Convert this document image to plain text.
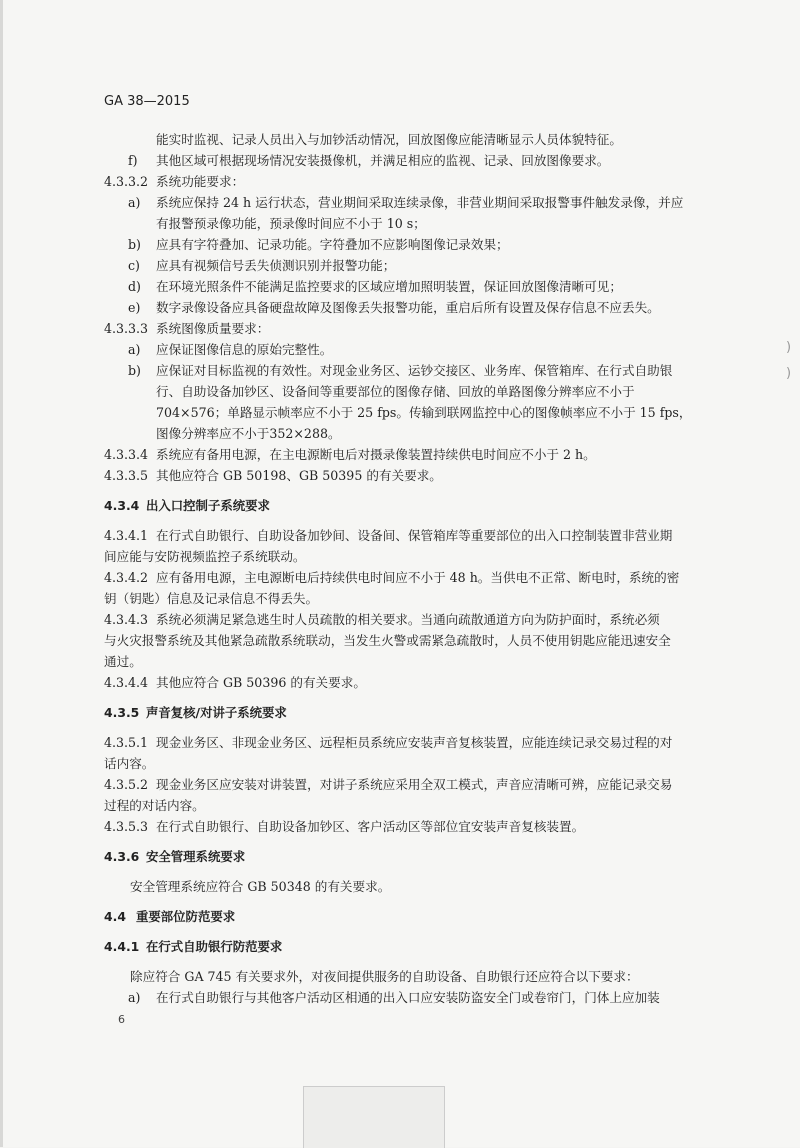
GA 38—2015
能实时监视、记录人员出入与加钞活动情况，回放图像应能清晰显示人员体貌特征。
f) 其他区域可根据现场情况安装摄像机，并满足相应的监视、记录、回放图像要求。
4.3.3.2 系统功能要求：
a) 系统应保持 24 h 运行状态，营业期间采取连续录像，非营业期间采取报警事件触发录像，并应
有报警预录像功能，预录像时间应不小于 10 s；
b) 应具有字符叠加、记录功能。字符叠加不应影响图像记录效果；
c) 应具有视频信号丢失侦测识别并报警功能；
d) 在环境光照条件不能满足监控要求的区域应增加照明装置，保证回放图像清晰可见；
e) 数字录像设备应具备硬盘故障及图像丢失报警功能，重启后所有设置及保存信息不应丢失。
4.3.3.3 系统图像质量要求：
a) 应保证图像信息的原始完整性。
b) 应保证对目标监视的有效性。对现金业务区、运钞交接区、业务库、保管箱库、在行式自助银
行、自助设备加钞区、设备间等重要部位的图像存储、回放的单路图像分辨率应不小于
704×576；单路显示帧率应不小于 25 fps。传输到联网监控中心的图像帧率应不小于 15 fps，
图像分辨率应不小于352×288。
4.3.3.4 系统应有备用电源，在主电源断电后对摄录像装置持续供电时间应不小于 2 h。
4.3.3.5 其他应符合 GB 50198、GB 50395 的有关要求。
4.3.4 出入口控制子系统要求
4.3.4.1 在行式自助银行、自助设备加钞间、设备间、保管箱库等重要部位的出入口控制装置非营业期
间应能与安防视频监控子系统联动。
4.3.4.2 应有备用电源，主电源断电后持续供电时间应不小于 48 h。当供电不正常、断电时，系统的密
钥（钥匙）信息及记录信息不得丢失。
4.3.4.3 系统必须满足紧急逃生时人员疏散的相关要求。当通向疏散通道方向为防护面时，系统必须
与火灾报警系统及其他紧急疏散系统联动，当发生火警或需紧急疏散时，人员不使用钥匙应能迅速安全
通过。
4.3.4.4 其他应符合 GB 50396 的有关要求。
4.3.5 声音复核/对讲子系统要求
4.3.5.1 现金业务区、非现金业务区、远程柜员系统应安装声音复核装置，应能连续记录交易过程的对
话内容。
4.3.5.2 现金业务区应安装对讲装置，对讲子系统应采用全双工模式，声音应清晰可辨，应能记录交易
过程的对话内容。
4.3.5.3 在行式自助银行、自助设备加钞区、客户活动区等部位宜安装声音复核装置。
4.3.6 安全管理系统要求
安全管理系统应符合 GB 50348 的有关要求。
4.4 重要部位防范要求
4.4.1 在行式自助银行防范要求
除应符合 GA 745 有关要求外，对夜间提供服务的自助设备、自助银行还应符合以下要求：
a) 在行式自助银行与其他客户活动区相通的出入口应安装防盗安全门或卷帘门，门体上应加装
6
)
)
